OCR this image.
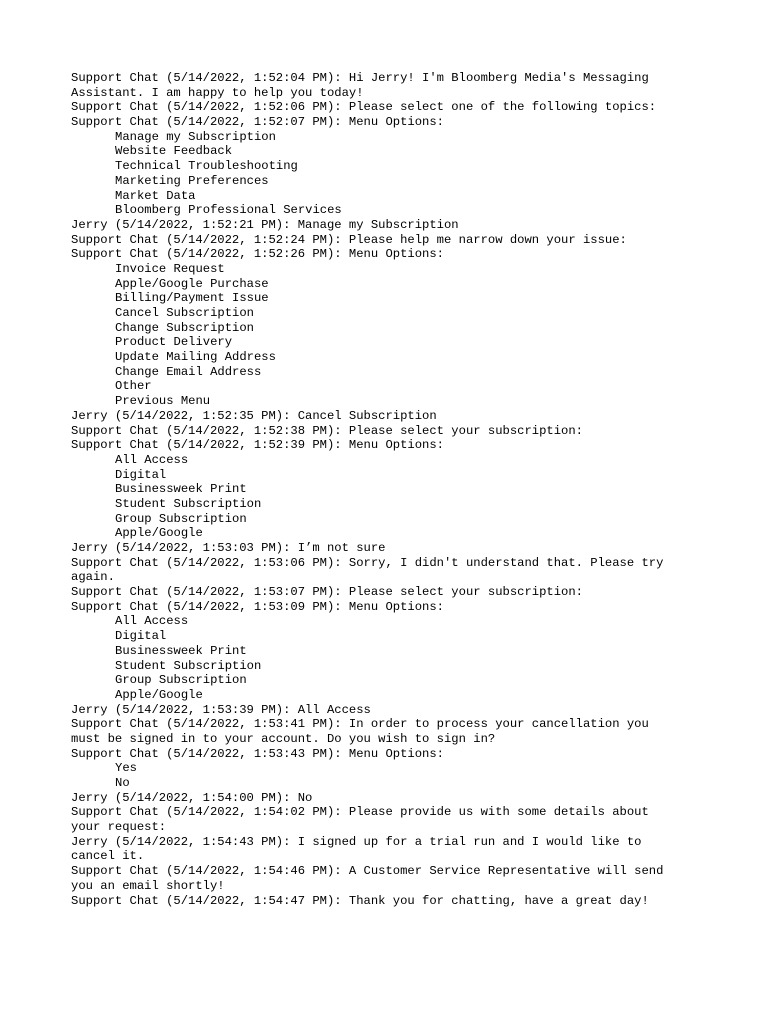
Support Chat (5/14/2022, 1:52:04 PM): Hi Jerry! I'm Bloomberg Media's Messaging
Assistant. I am happy to help you today!
Support Chat (5/14/2022, 1:52:06 PM): Please select one of the following topics:
Support Chat (5/14/2022, 1:52:07 PM): Menu Options:
Manage my Subscription
Website Feedback
Technical Troubleshooting
Marketing Preferences
Market Data
Bloomberg Professional Services
Jerry (5/14/2022, 1:52:21 PM): Manage my Subscription
Support Chat (5/14/2022, 1:52:24 PM): Please help me narrow down your issue:
Support Chat (5/14/2022, 1:52:26 PM): Menu Options:
Invoice Request
Apple/Google Purchase
Billing/Payment Issue
Cancel Subscription
Change Subscription
Product Delivery
Update Mailing Address
Change Email Address
Other
Previous Menu
Jerry (5/14/2022, 1:52:35 PM): Cancel Subscription
Support Chat (5/14/2022, 1:52:38 PM): Please select your subscription:
Support Chat (5/14/2022, 1:52:39 PM): Menu Options:
All Access
Digital
Businessweek Print
Student Subscription
Group Subscription
Apple/Google
Jerry (5/14/2022, 1:53:03 PM): I’m not sure
Support Chat (5/14/2022, 1:53:06 PM): Sorry, I didn't understand that. Please try
again.
Support Chat (5/14/2022, 1:53:07 PM): Please select your subscription:
Support Chat (5/14/2022, 1:53:09 PM): Menu Options:
All Access
Digital
Businessweek Print
Student Subscription
Group Subscription
Apple/Google
Jerry (5/14/2022, 1:53:39 PM): All Access
Support Chat (5/14/2022, 1:53:41 PM): In order to process your cancellation you
must be signed in to your account. Do you wish to sign in?
Support Chat (5/14/2022, 1:53:43 PM): Menu Options:
Yes
No
Jerry (5/14/2022, 1:54:00 PM): No
Support Chat (5/14/2022, 1:54:02 PM): Please provide us with some details about
your request:
Jerry (5/14/2022, 1:54:43 PM): I signed up for a trial run and I would like to
cancel it.
Support Chat (5/14/2022, 1:54:46 PM): A Customer Service Representative will send
you an email shortly!
Support Chat (5/14/2022, 1:54:47 PM): Thank you for chatting, have a great day!
